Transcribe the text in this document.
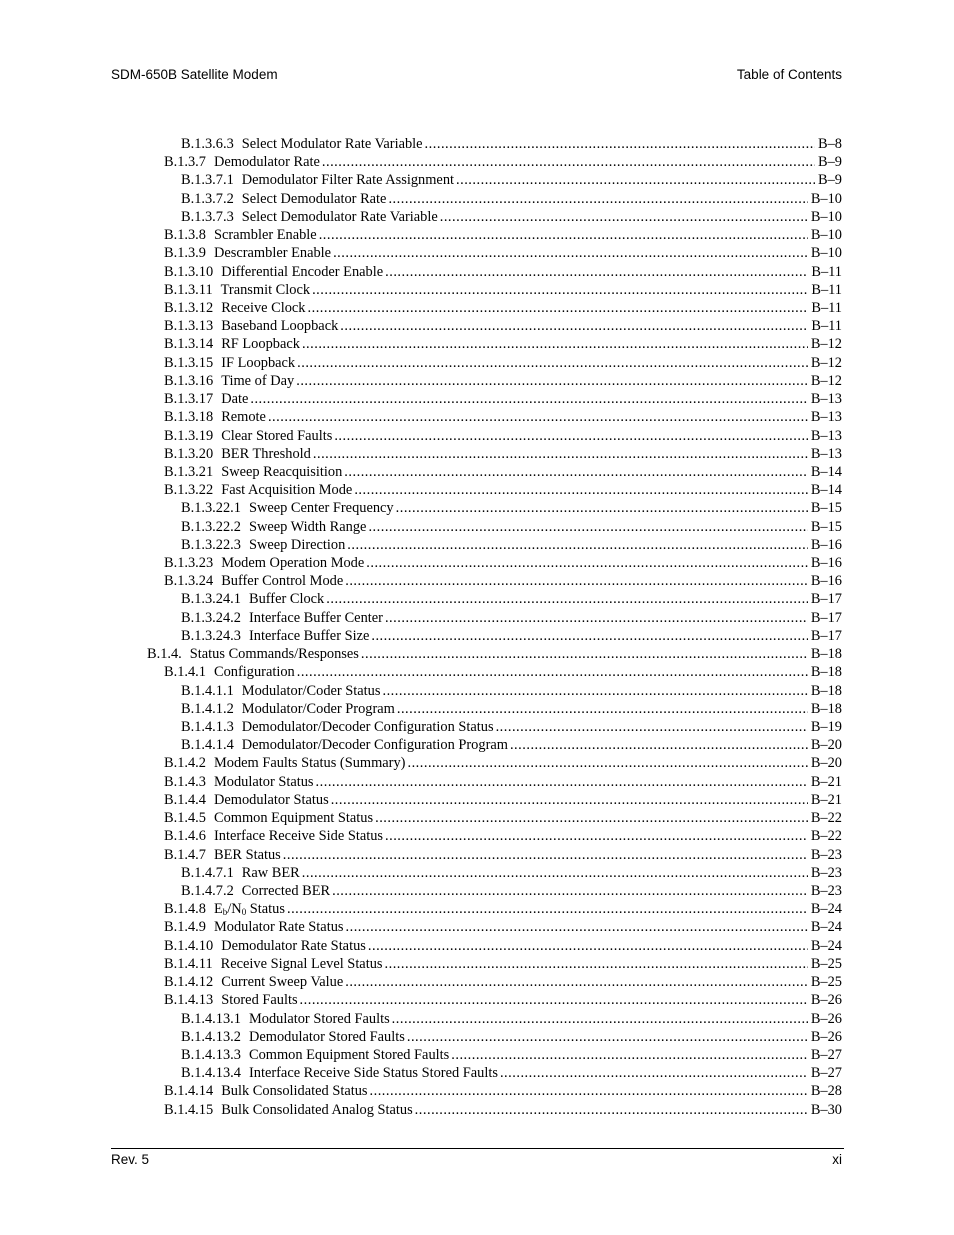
SDM-650B Satellite Modem	Table of Contents
B.1.3.6.3 Select Modulator Rate Variable .....	B–8
B.1.3.7 Demodulator Rate .....	B–9
B.1.3.7.1 Demodulator Filter Rate Assignment .....	B–9
B.1.3.7.2 Select Demodulator Rate .....	B–10
B.1.3.7.3 Select Demodulator Rate Variable .....	B–10
B.1.3.8 Scrambler Enable .....	B–10
B.1.3.9 Descrambler Enable .....	B–10
B.1.3.10 Differential Encoder Enable .....	B–11
B.1.3.11 Transmit Clock .....	B–11
B.1.3.12 Receive Clock .....	B–11
B.1.3.13 Baseband Loopback .....	B–11
B.1.3.14 RF Loopback .....	B–12
B.1.3.15 IF Loopback .....	B–12
B.1.3.16 Time of Day .....	B–12
B.1.3.17 Date .....	B–13
B.1.3.18 Remote .....	B–13
B.1.3.19 Clear Stored Faults .....	B–13
B.1.3.20 BER Threshold .....	B–13
B.1.3.21 Sweep Reacquisition .....	B–14
B.1.3.22 Fast Acquisition Mode .....	B–14
B.1.3.22.1 Sweep Center Frequency .....	B–15
B.1.3.22.2 Sweep Width Range .....	B–15
B.1.3.22.3 Sweep Direction .....	B–16
B.1.3.23 Modem Operation Mode .....	B–16
B.1.3.24 Buffer Control Mode .....	B–16
B.1.3.24.1 Buffer Clock .....	B–17
B.1.3.24.2 Interface Buffer Center .....	B–17
B.1.3.24.3 Interface Buffer Size .....	B–17
B.1.4. Status Commands/Responses .....	B–18
B.1.4.1 Configuration .....	B–18
B.1.4.1.1 Modulator/Coder Status .....	B–18
B.1.4.1.2 Modulator/Coder Program .....	B–18
B.1.4.1.3 Demodulator/Decoder Configuration Status .....	B–19
B.1.4.1.4 Demodulator/Decoder Configuration Program .....	B–20
B.1.4.2 Modem Faults Status (Summary) .....	B–20
B.1.4.3 Modulator Status .....	B–21
B.1.4.4 Demodulator Status .....	B–21
B.1.4.5 Common Equipment Status .....	B–22
B.1.4.6 Interface Receive Side Status .....	B–22
B.1.4.7 BER Status .....	B–23
B.1.4.7.1 Raw BER .....	B–23
B.1.4.7.2 Corrected BER .....	B–23
B.1.4.8 $E_b/N_0$ Status .....	B–24
B.1.4.9 Modulator Rate Status .....	B–24
B.1.4.10 Demodulator Rate Status .....	B–24
B.1.4.11 Receive Signal Level Status .....	B–25
B.1.4.12 Current Sweep Value .....	B–25
B.1.4.13 Stored Faults .....	B–26
B.1.4.13.1 Modulator Stored Faults .....	B–26
B.1.4.13.2 Demodulator Stored Faults .....	B–26
B.1.4.13.3 Common Equipment Stored Faults .....	B–27
B.1.4.13.4 Interface Receive Side Status Stored Faults .....	B–27
B.1.4.14 Bulk Consolidated Status .....	B–28
B.1.4.15 Bulk Consolidated Analog Status .....	B–30
Rev. 5	xi
